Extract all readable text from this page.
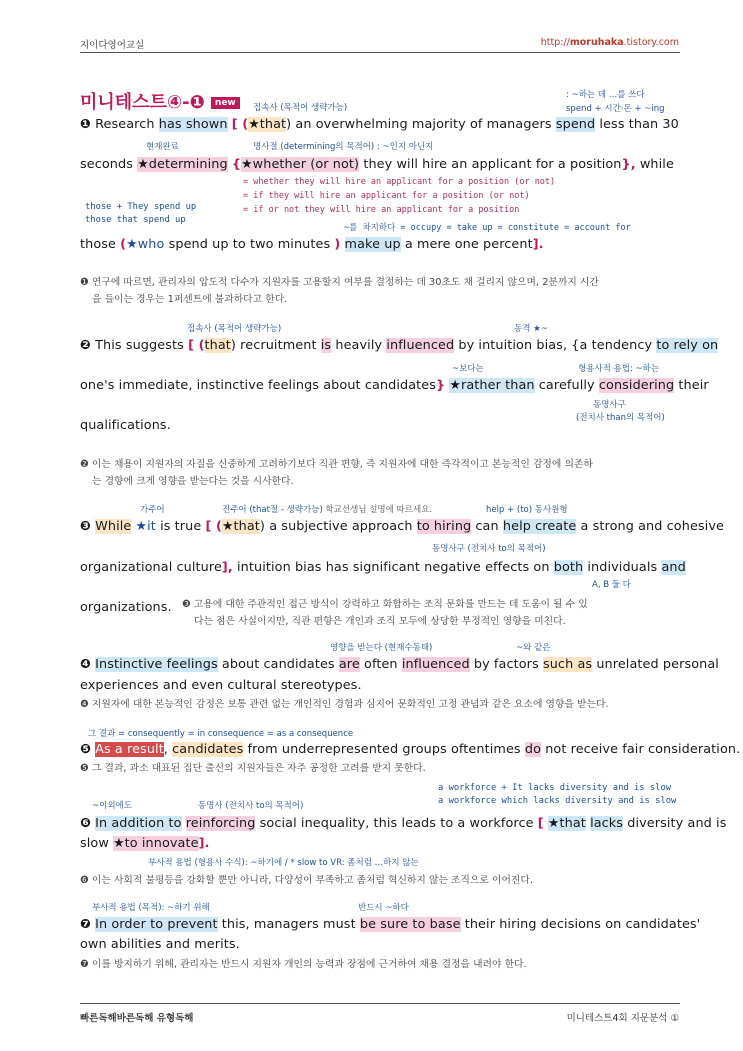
지이다영어교실	http://moruhaka.tistory.com
미니테스트④-❶ new
: ~하는 데 …를 쓰다
spend + 시간·돈 + ~ing
접속사 (목적어 생략가능)
❶ Research has shown [ (★that) an overwhelming majority of managers spend less than 30
현재완료	명사절 (determining의 목적어) : ~인지 아닌지
seconds ★determining {★whether (or not) they will hire an applicant for a position}, while
= whether they will hire an applicant for a position (or not)
= if they will hire an applicant for a position (or not)
= if or not they will hire an applicant for a position
those + They spend up
those that spend up
~를 차지하다 = occupy = take up = constitute = account for
those (★who spend up to two minutes ) make up a mere one percent].
❶ 연구에 따르면, 관리자의 압도적 다수가 지원자를 고용할지 여부를 결정하는 데 30초도 채 걸리지 않으며, 2분까지 시간
을 들이는 경우는 1퍼센트에 불과하다고 한다.
접속사 (목적어 생략가능)	동격 ★~
❷ This suggests [ (that) recruitment is heavily influenced by intuition bias, {a tendency to rely on
~보다는	형용사적 용법: ~하는
one's immediate, instinctive feelings about candidates} ★rather than carefully considering their
동명사구
(전치사 than의 목적어)
qualifications.
❷ 이는 채용이 지원자의 자질을 신중하게 고려하기보다 직관 편향, 즉 지원자에 대한 즉각적이고 본능적인 감정에 의존하
는 경향에 크게 영향을 받는다는 것을 시사한다.
가주어	진주어 (that절 - 생략가능) 학교선생님 설명에 따르세요.	help + (to) 동사원형
❸ While ★it is true [ (★that) a subjective approach to hiring can help create a strong and cohesive
동명사구 (전치사 to의 목적어)
organizational culture], intuition bias has significant negative effects on both individuals and
A, B 둘 다
organizations. ❸ 고용에 대한 주관적인 접근 방식이 강력하고 화합하는 조직 문화를 만드는 데 도움이 될 수 있
다는 점은 사실이지만, 직관 편향은 개인과 조직 모두에 상당한 부정적인 영향을 미친다.
영향을 받는다 (현재수동태)	~와 같은
❹ Instinctive feelings about candidates are often influenced by factors such as unrelated personal
experiences and even cultural stereotypes.
❹ 지원자에 대한 본능적인 감정은 보통 관련 없는 개인적인 경험과 심지어 문화적인 고정 관념과 같은 요소에 영향을 받는다.
그 결과 = consequently = in consequence = as a consequence
❺ As a result, candidates from underrepresented groups oftentimes do not receive fair consideration.
❺ 그 결과, 과소 대표된 집단 출신의 지원자들은 자주 공정한 고려를 받지 못한다.
a workforce + It lacks diversity and is slow
a workforce which lacks diversity and is slow
~이외에도	동명사 (전치사 to의 목적어)
❻ In addition to reinforcing social inequality, this leads to a workforce [ ★that lacks diversity and is
slow ★to innovate].
부사적 용법 (형용사 수식): ~하기에 / * slow to VR: 좀처럼 …하지 않는
❻ 이는 사회적 불평등을 강화할 뿐만 아니라, 다양성이 부족하고 좀처럼 혁신하지 않는 조직으로 이어진다.
부사적 용법 (목적): ~하기 위해	반드시 ~하다
❼ In order to prevent this, managers must be sure to base their hiring decisions on candidates'
own abilities and merits.
❼ 이를 방지하기 위해, 관리자는 반드시 지원자 개인의 능력과 장점에 근거하여 채용 결정을 내려야 한다.
빠른독해바른독해 유형독해	미니테스트4회 지문분석 ①
